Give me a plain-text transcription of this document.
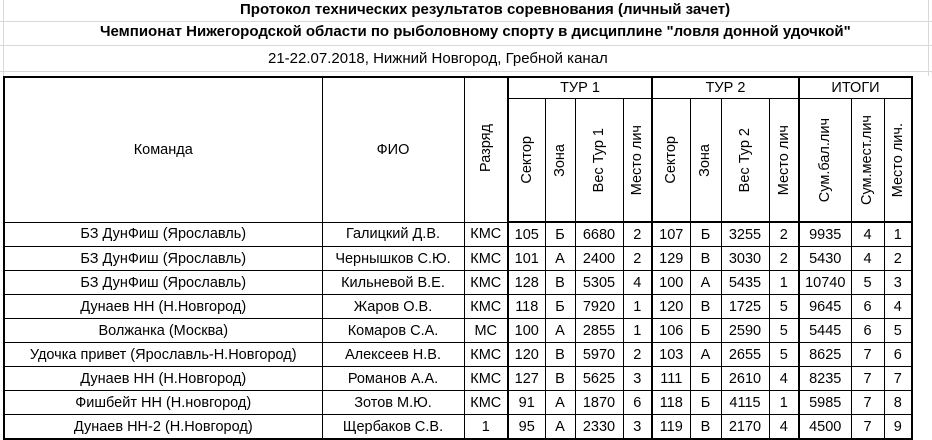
Протокол технических результатов соревнования (личный зачет)
Чемпионат Нижегородской области по рыболовному спорту в дисциплине "ловля донной удочкой"
21-22.07.2018, Нижний Новгород, Гребной канал
Команда	ФИО	Разряд	ТУР 1				ТУР 2				ИТОГИ		
			Сектор	Зона	Вес Тур 1	Место лич	Сектор	Зона	Вес Тур 2	Место лич	Сум.бал.лич	Сум.мест.лич	Место лич.
БЗ ДунФиш (Ярославль)	Галицкий Д.В.	КМС	105	Б	6680	2	107	Б	3255	2	9935	4	1
БЗ ДунФиш (Ярославль)	Чернышков С.Ю.	КМС	101	А	2400	2	129	В	3030	2	5430	4	2
БЗ ДунФиш (Ярославль)	Кильневой В.Е.	КМС	128	В	5305	4	100	А	5435	1	10740	5	3
Дунаев НН (Н.Новгород)	Жаров О.В.	КМС	118	Б	7920	1	120	В	1725	5	9645	6	4
Волжанка (Москва)	Комаров С.А.	МС	100	А	2855	1	106	Б	2590	5	5445	6	5
Удочка привет (Ярославль-Н.Новгород)	Алексеев Н.В.	КМС	120	В	5970	2	103	А	2655	5	8625	7	6
Дунаев НН (Н.Новгород)	Романов А.А.	КМС	127	В	5625	3	111	Б	2610	4	8235	7	7
Фишбейт НН (Н.новгород)	Зотов М.Ю.	КМС	91	А	1870	6	118	Б	4115	1	5985	7	8
Дунаев НН-2 (Н.Новгород)	Щербаков С.В.	1	95	А	2330	3	119	В	2170	4	4500	7	9
